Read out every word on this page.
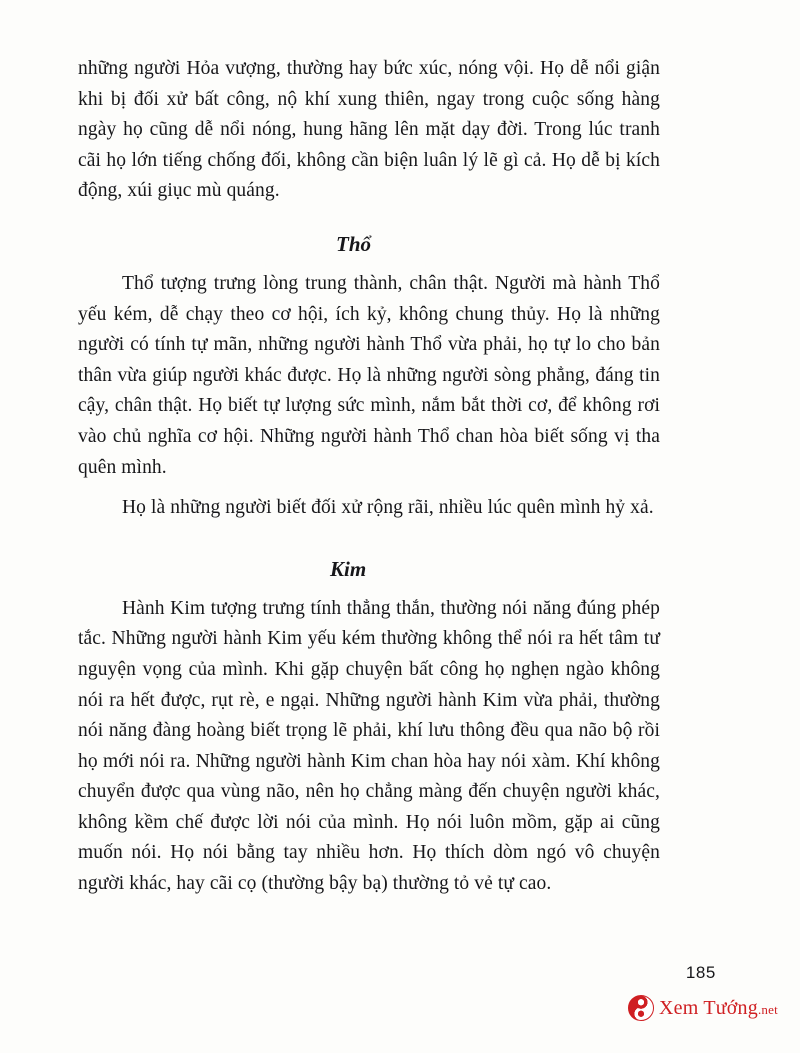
những người Hỏa vượng, thường hay bức xúc, nóng vội. Họ dễ nổi giận khi bị đối xử bất công, nộ khí xung thiên, ngay trong cuộc sống hàng ngày họ cũng dễ nổi nóng, hung hãng lên mặt dạy đời. Trong lúc tranh cãi họ lớn tiếng chống đối, không cần biện luân lý lẽ gì cả. Họ dễ bị kích động, xúi giục mù quáng.

Thổ

Thổ tượng trưng lòng trung thành, chân thật. Người mà hành Thổ yếu kém, dễ chạy theo cơ hội, ích kỷ, không chung thủy. Họ là những người có tính tự mãn, những người hành Thổ vừa phải, họ tự lo cho bản thân vừa giúp người khác được. Họ là những người sòng phẳng, đáng tin cậy, chân thật. Họ biết tự lượng sức mình, nắm bắt thời cơ, để không rơi vào chủ nghĩa cơ hội. Những người hành Thổ chan hòa biết sống vị tha quên mình.

Họ là những người biết đối xử rộng rãi, nhiều lúc quên mình hỷ xả.

Kim

Hành Kim tượng trưng tính thẳng thắn, thường nói năng đúng phép tắc. Những người hành Kim yếu kém thường không thể nói ra hết tâm tư nguyện vọng của mình. Khi gặp chuyện bất công họ nghẹn ngào không nói ra hết được, rụt rè, e ngại. Những người hành Kim vừa phải, thường nói năng đàng hoàng biết trọng lẽ phải, khí lưu thông đều qua não bộ rồi họ mới nói ra. Những người hành Kim chan hòa hay nói xàm. Khí không chuyển được qua vùng não, nên họ chẳng màng đến chuyện người khác, không kềm chế được lời nói của mình. Họ nói luôn mồm, gặp ai cũng muốn nói. Họ nói bằng tay nhiều hơn. Họ thích dòm ngó vô chuyện người khác, hay cãi cọ (thường bậy bạ) thường tỏ vẻ tự cao.

185
Xem Tướng.net
